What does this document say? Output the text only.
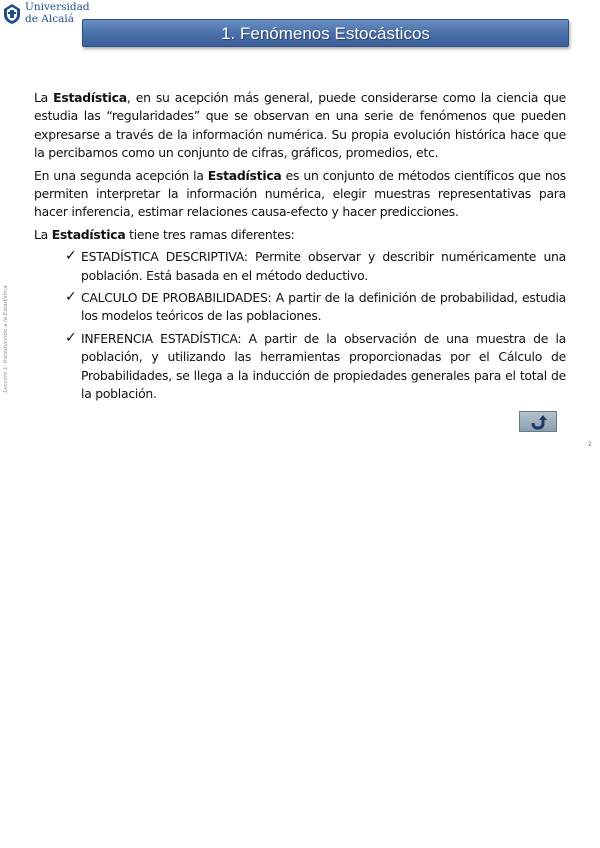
Universidad
de Alcalá
1. Fenómenos Estocásticos
Lección 1. Introducción a la Estadística

La Estadística, en su acepción más general, puede considerarse como la ciencia que estudia las “regularidades” que se observan en una serie de fenómenos que pueden expresarse a través de la información numérica. Su propia evolución histórica hace que la percibamos como un conjunto de cifras, gráficos, promedios, etc.

En una segunda acepción la Estadística es un conjunto de métodos científicos que nos permiten interpretar la información numérica, elegir muestras representativas para hacer inferencia, estimar relaciones causa-efecto y hacer predicciones.

La Estadística tiene tres ramas diferentes:

✓ ESTADÍSTICA DESCRIPTIVA: Permite observar y describir numéricamente una población. Está basada en el método deductivo.
✓ CALCULO DE PROBABILIDADES: A partir de la definición de probabilidad, estudia los modelos teóricos de las poblaciones.
✓ INFERENCIA ESTADÍSTICA: A partir de la observación de una muestra de la población, y utilizando las herramientas proporcionadas por el Cálculo de Probabilidades, se llega a la inducción de propiedades generales para el total de la población.
2
